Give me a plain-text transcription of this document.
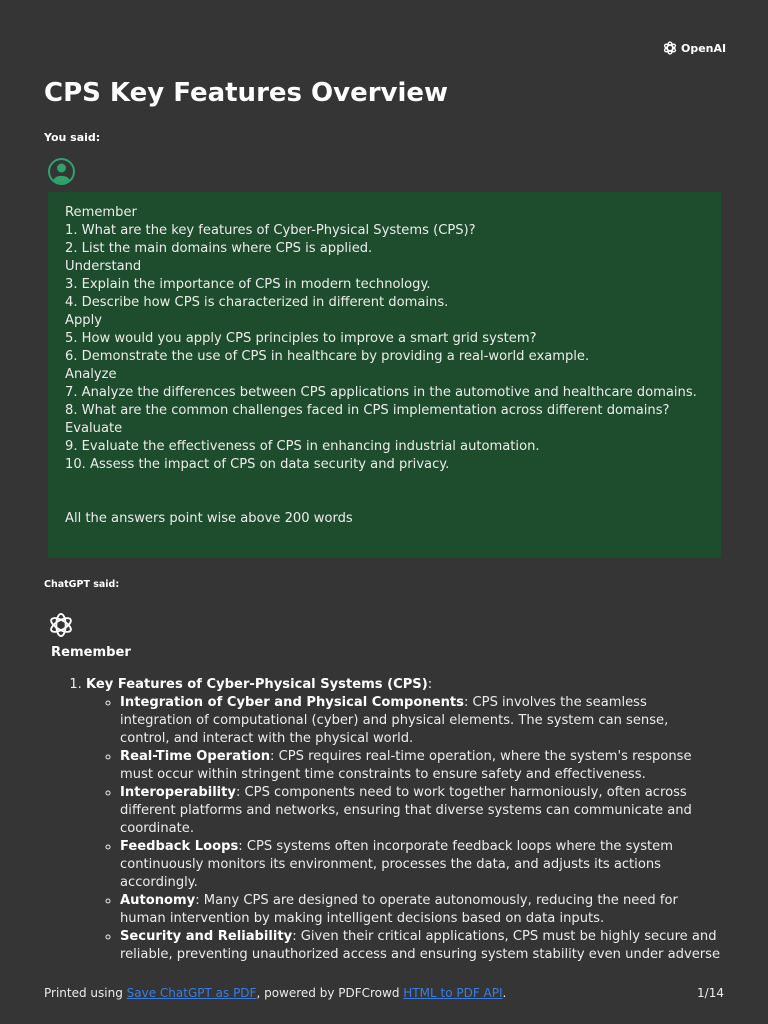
OpenAI
CPS Key Features Overview

You said:

Remember
1. What are the key features of Cyber-Physical Systems (CPS)?
2. List the main domains where CPS is applied.
Understand
3. Explain the importance of CPS in modern technology.
4. Describe how CPS is characterized in different domains.
Apply
5. How would you apply CPS principles to improve a smart grid system?
6. Demonstrate the use of CPS in healthcare by providing a real-world example.
Analyze
7. Analyze the differences between CPS applications in the automotive and healthcare domains.
8. What are the common challenges faced in CPS implementation across different domains?
Evaluate
9. Evaluate the effectiveness of CPS in enhancing industrial automation.
10. Assess the impact of CPS on data security and privacy.
All the answers point wise above 200 words

ChatGPT said:

Remember
1. Key Features of Cyber-Physical Systems (CPS):
◦ Integration of Cyber and Physical Components: CPS involves the seamless integration of computational (cyber) and physical elements. The system can sense, control, and interact with the physical world.
◦ Real-Time Operation: CPS requires real-time operation, where the system's response must occur within stringent time constraints to ensure safety and effectiveness.
◦ Interoperability: CPS components need to work together harmoniously, often across different platforms and networks, ensuring that diverse systems can communicate and coordinate.
◦ Feedback Loops: CPS systems often incorporate feedback loops where the system continuously monitors its environment, processes the data, and adjusts its actions accordingly.
◦ Autonomy: Many CPS are designed to operate autonomously, reducing the need for human intervention by making intelligent decisions based on data inputs.
◦ Security and Reliability: Given their critical applications, CPS must be highly secure and reliable, preventing unauthorized access and ensuring system stability even under adverse
Printed using Save ChatGPT as PDF, powered by PDFCrowd HTML to PDF API.	1/14
